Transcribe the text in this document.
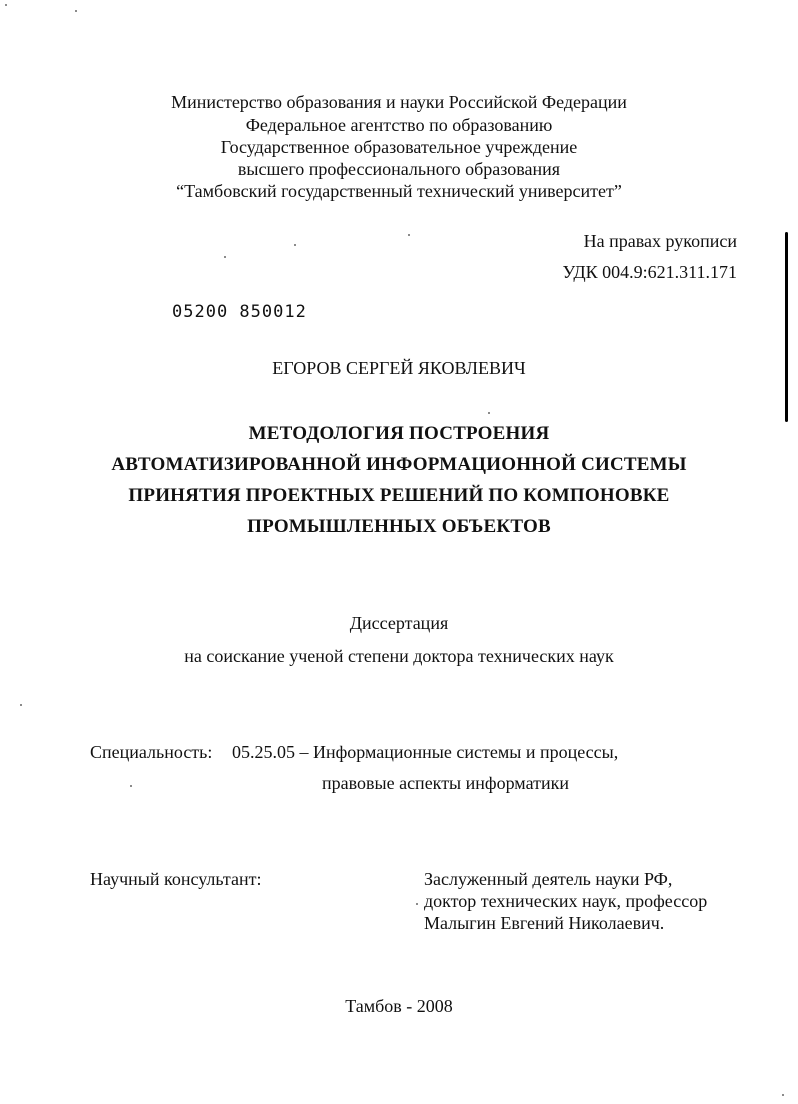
Министерство образования и науки Российской Федерации
Федеральное агентство по образованию
Государственное образовательное учреждение
высшего профессионального образования
“Тамбовский государственный технический университет”
На правах рукописи
УДК 004.9:621.311.171
05200 850012
ЕГОРОВ СЕРГЕЙ ЯКОВЛЕВИЧ
МЕТОДОЛОГИЯ ПОСТРОЕНИЯ
АВТОМАТИЗИРОВАННОЙ ИНФОРМАЦИОННОЙ СИСТЕМЫ
ПРИНЯТИЯ ПРОЕКТНЫХ РЕШЕНИЙ ПО КОМПОНОВКЕ
ПРОМЫШЛЕННЫХ ОБЪЕКТОВ
Диссертация
на соискание ученой степени доктора технических наук
Специальность: 05.25.05 – Информационные системы и процессы,
правовые аспекты информатики
Научный консультант:	Заслуженный деятель науки РФ,
доктор технических наук, профессор
Малыгин Евгений Николаевич.
Тамбов - 2008
